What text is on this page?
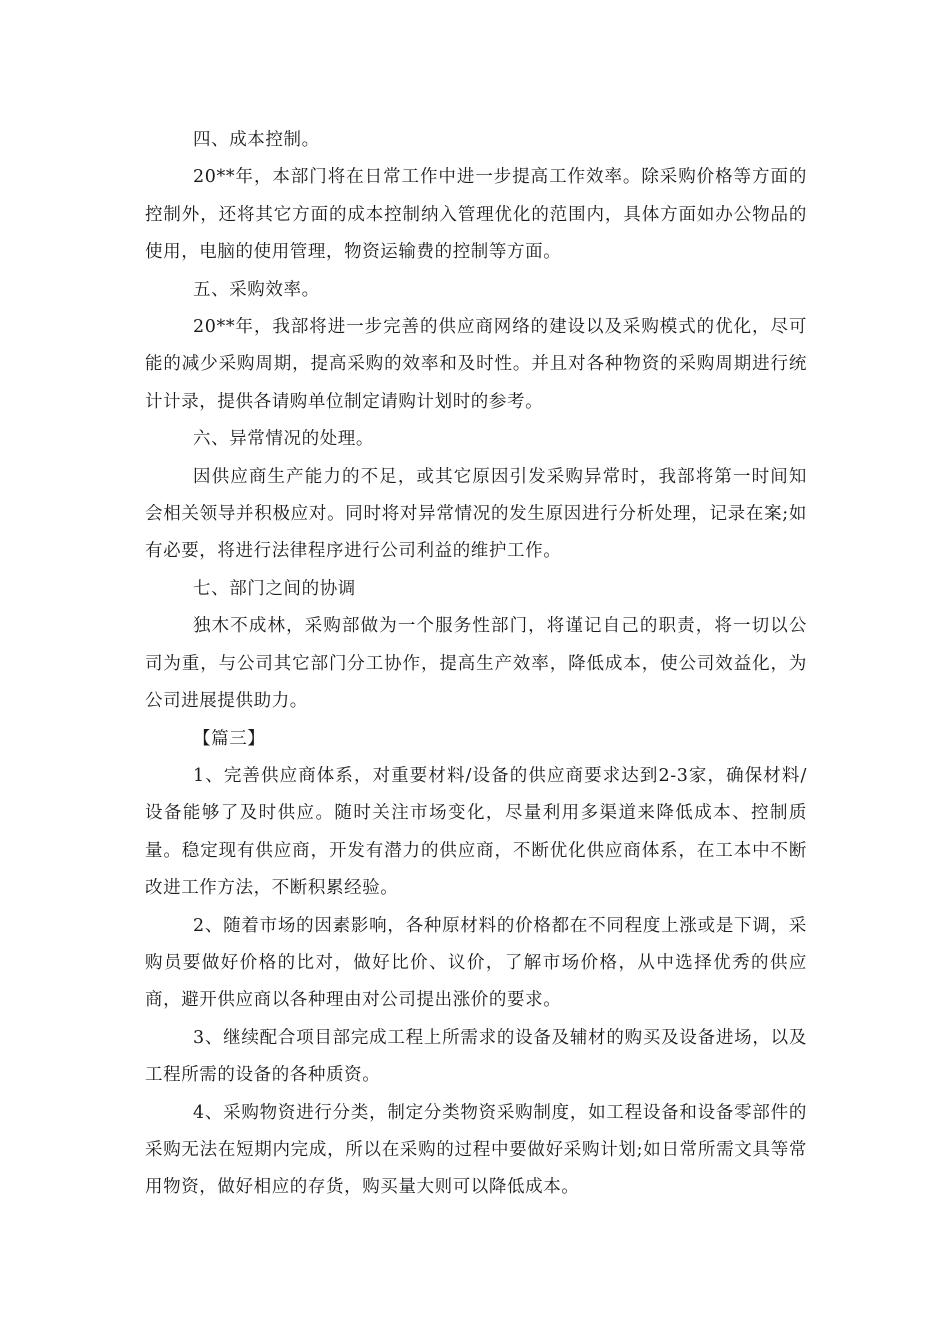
四、成本控制。

20**年，本部门将在日常工作中进一步提高工作效率。除采购价格等方面的控制外，还将其它方面的成本控制纳入管理优化的范围内，具体方面如办公物品的使用，电脑的使用管理，物资运输费的控制等方面。

五、采购效率。

20**年，我部将进一步完善的供应商网络的建设以及采购模式的优化，尽可能的减少采购周期，提高采购的效率和及时性。并且对各种物资的采购周期进行统计计录，提供各请购单位制定请购计划时的参考。

六、异常情况的处理。

因供应商生产能力的不足，或其它原因引发采购异常时，我部将第一时间知会相关领导并积极应对。同时将对异常情况的发生原因进行分析处理，记录在案;如有必要，将进行法律程序进行公司利益的维护工作。

七、部门之间的协调

独木不成林，采购部做为一个服务性部门，将谨记自己的职责，将一切以公司为重，与公司其它部门分工协作，提高生产效率，降低成本，使公司效益化，为公司进展提供助力。

【篇三】

1、完善供应商体系，对重要材料/设备的供应商要求达到2-3家，确保材料/设备能够了及时供应。随时关注市场变化，尽量利用多渠道来降低成本、控制质量。稳定现有供应商，开发有潜力的供应商，不断优化供应商体系，在工本中不断改进工作方法，不断积累经验。

2、随着市场的因素影响，各种原材料的价格都在不同程度上涨或是下调，采购员要做好价格的比对，做好比价、议价，了解市场价格，从中选择优秀的供应商，避开供应商以各种理由对公司提出涨价的要求。

3、继续配合项目部完成工程上所需求的设备及辅材的购买及设备进场，以及工程所需的设备的各种质资。

4、采购物资进行分类，制定分类物资采购制度，如工程设备和设备零部件的采购无法在短期内完成，所以在采购的过程中要做好采购计划;如日常所需文具等常用物资，做好相应的存货，购买量大则可以降低成本。
